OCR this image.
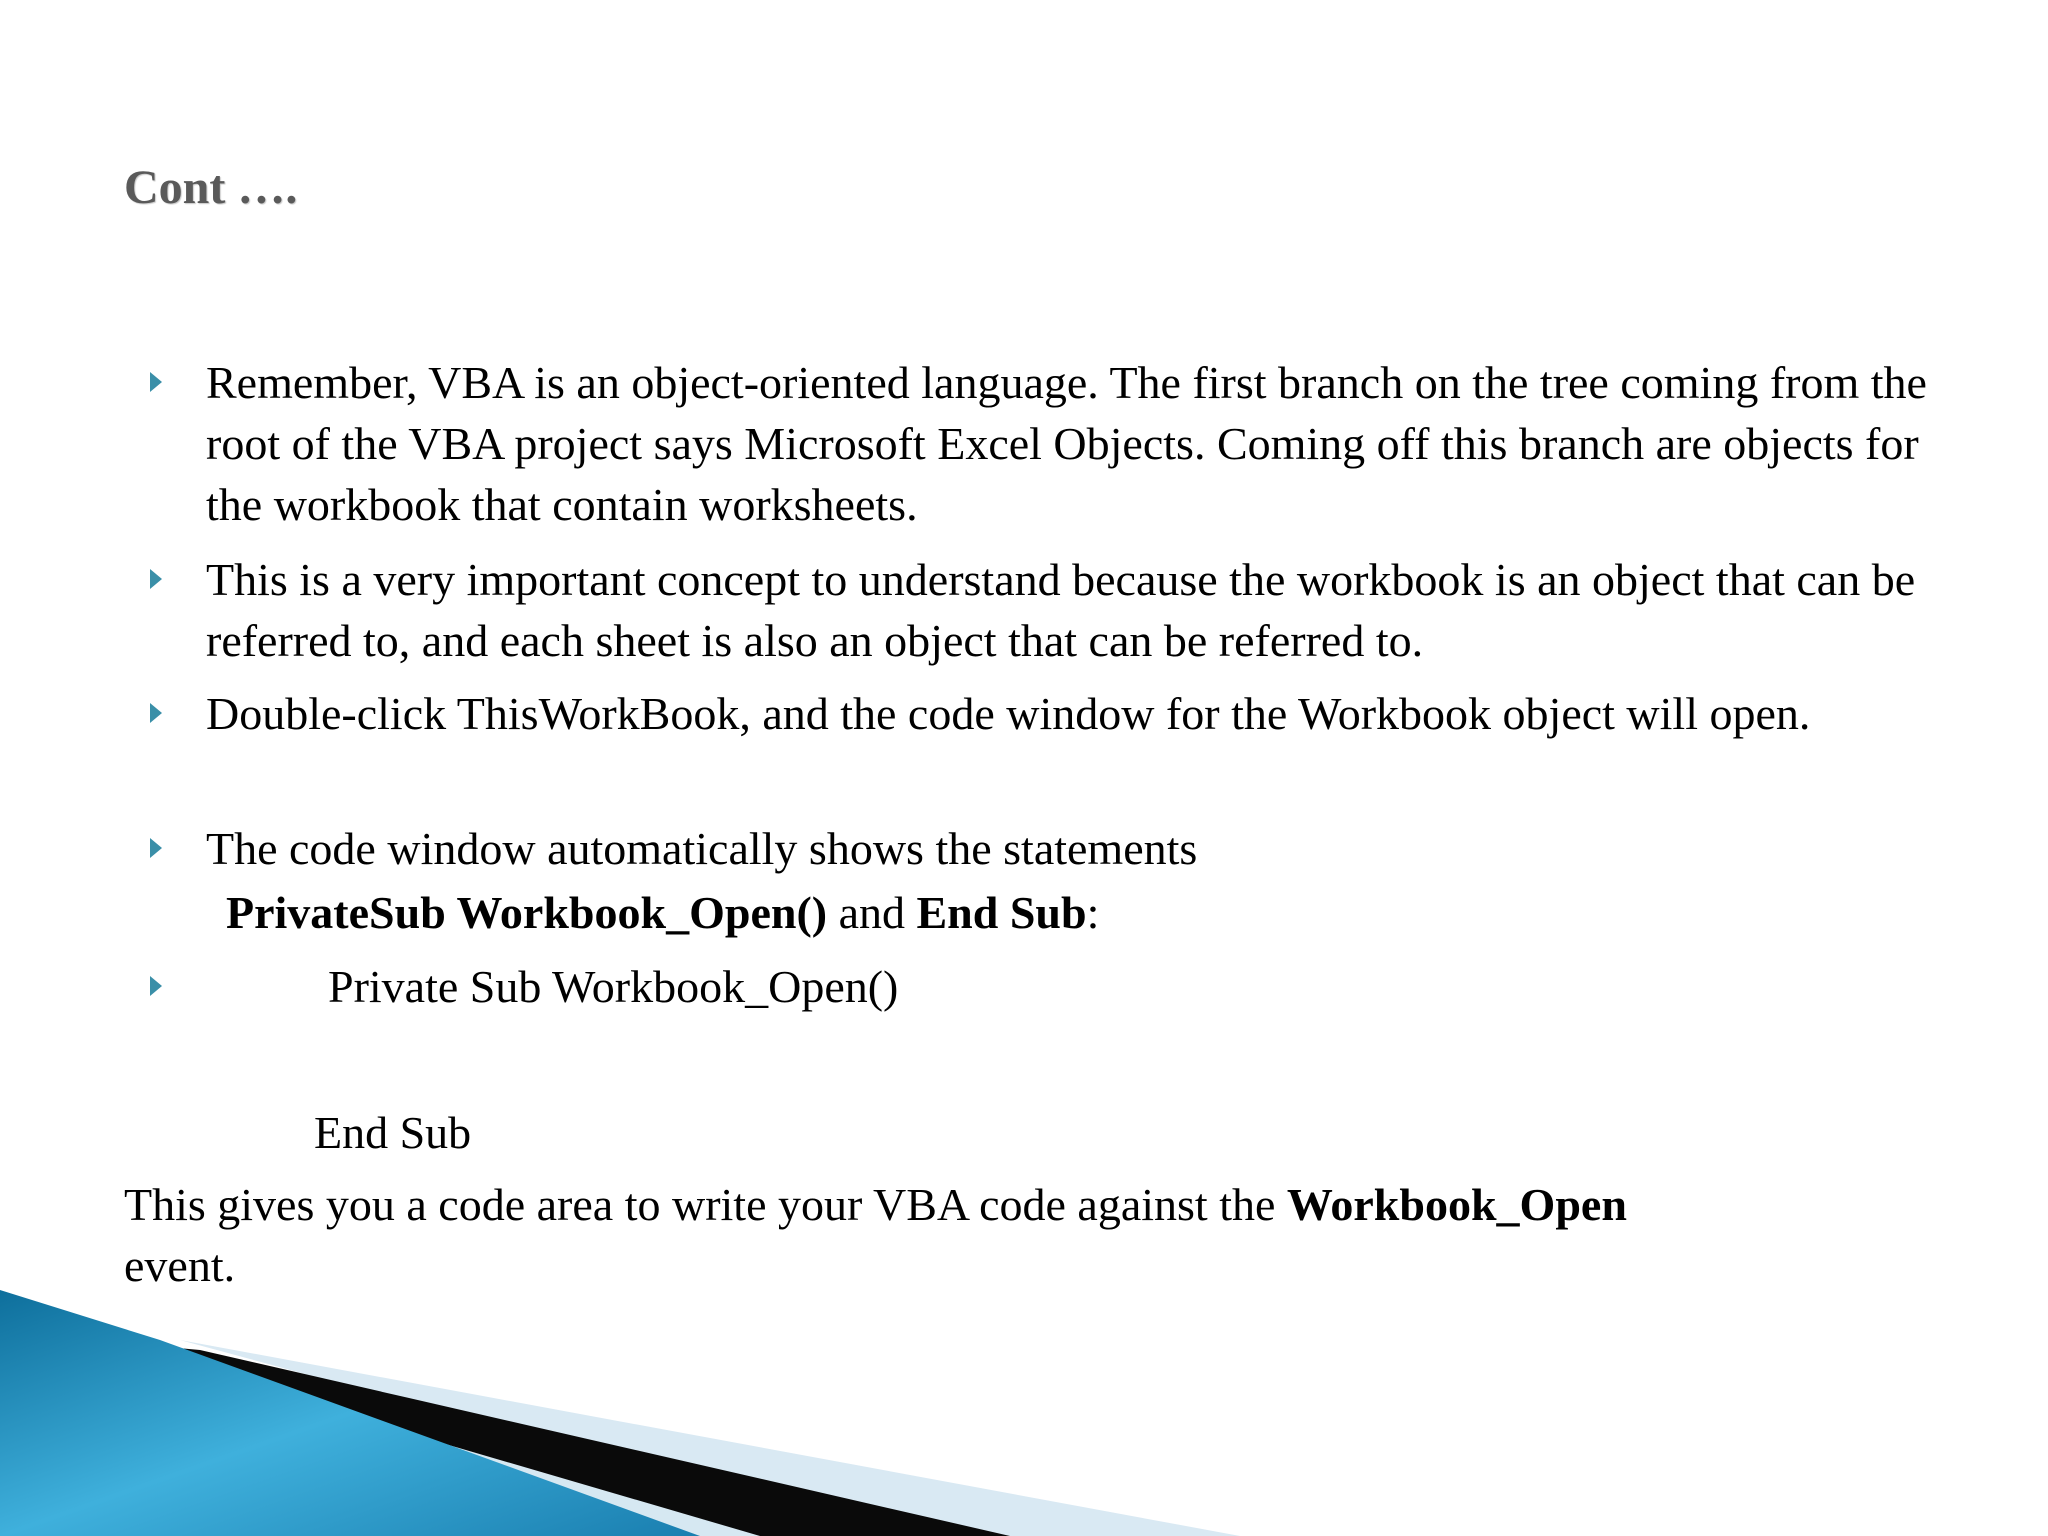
Cont ….
Remember, VBA is an object-oriented language. The first branch on the tree coming from the root of the VBA project says Microsoft Excel Objects. Coming off this branch are objects for the workbook that contain worksheets.
This is a very important concept to understand because the workbook is an object that can be referred to, and each sheet is also an object that can be referred to.
Double-click ThisWorkBook, and the code window for the Workbook object will open.
The code window automatically shows the statements
PrivateSub Workbook_Open() and End Sub:
Private Sub Workbook_Open()
End Sub
This gives you a code area to write your VBA code against the Workbook_Open
event.
